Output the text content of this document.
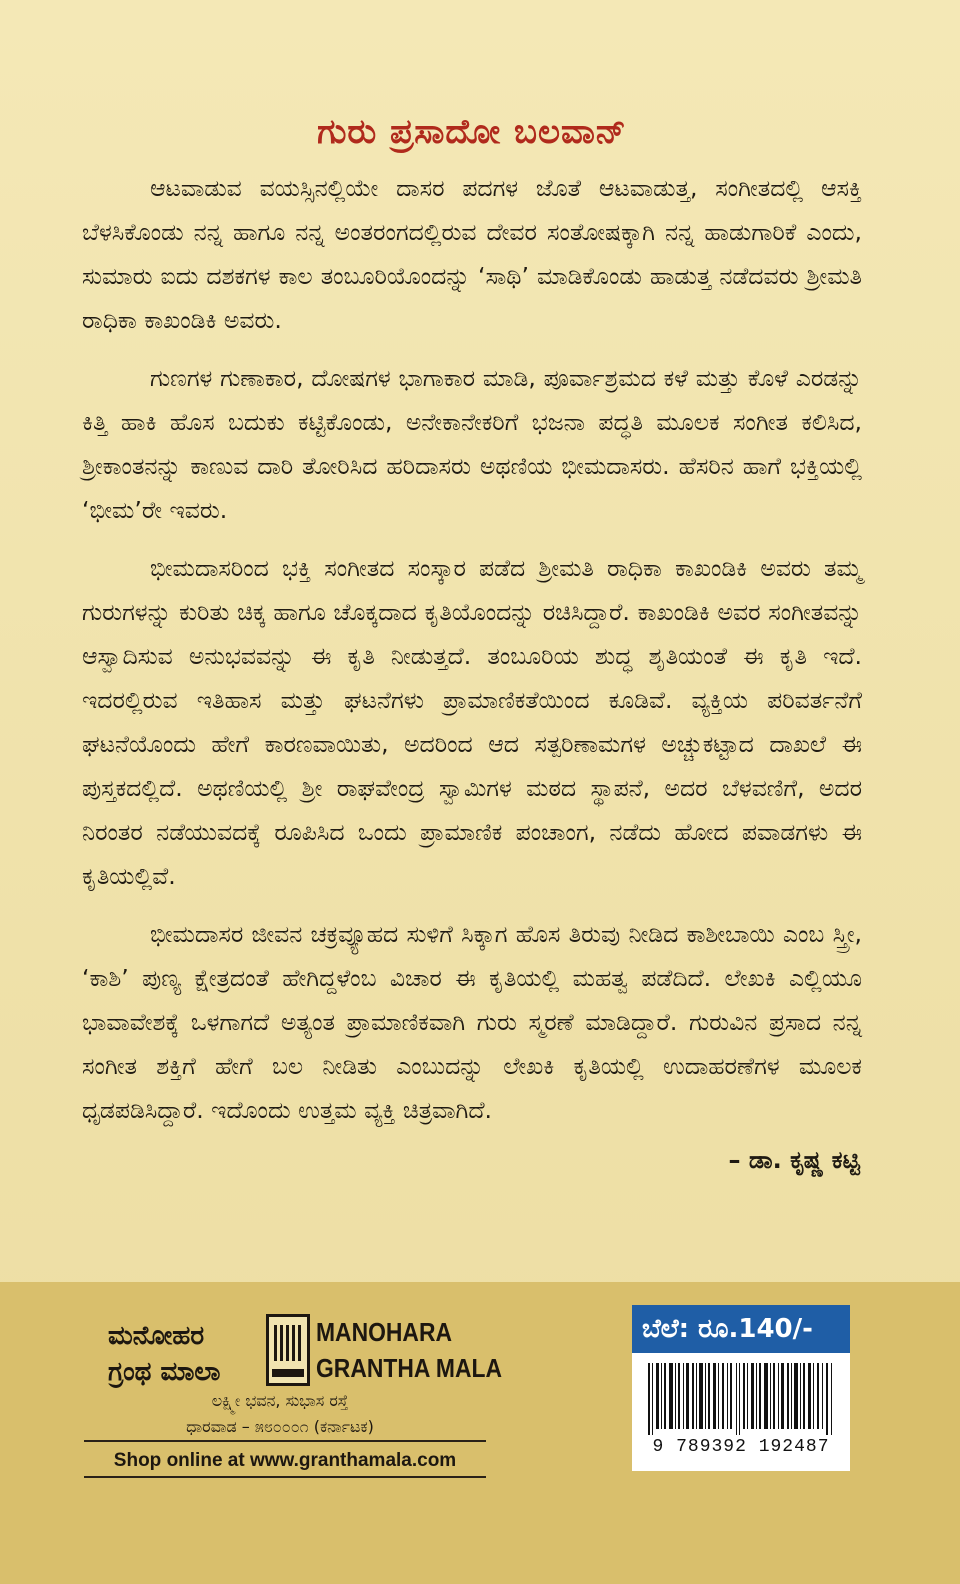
ಗುರು ಪ್ರಸಾದೋ ಬಲವಾನ್

ಆಟವಾಡುವ ವಯಸ್ಸಿನಲ್ಲಿಯೇ ದಾಸರ ಪದಗಳ ಜೊತೆ ಆಟವಾಡುತ್ತ, ಸಂಗೀತದಲ್ಲಿ ಆಸಕ್ತಿ ಬೆಳಸಿಕೊಂಡು ನನ್ನ ಹಾಗೂ ನನ್ನ ಅಂತರಂಗದಲ್ಲಿರುವ ದೇವರ ಸಂತೋಷಕ್ಕಾಗಿ ನನ್ನ ಹಾಡುಗಾರಿಕೆ ಎಂದು, ಸುಮಾರು ಐದು ದಶಕಗಳ ಕಾಲ ತಂಬೂರಿಯೊಂದನ್ನು ‘ಸಾಥಿ’ ಮಾಡಿಕೊಂಡು ಹಾಡುತ್ತ ನಡೆದವರು ಶ್ರೀಮತಿ ರಾಧಿಕಾ ಕಾಖಂಡಿಕಿ ಅವರು.

ಗುಣಗಳ ಗುಣಾಕಾರ, ದೋಷಗಳ ಭಾಗಾಕಾರ ಮಾಡಿ, ಪೂರ್ವಾಶ್ರಮದ ಕಳೆ ಮತ್ತು ಕೊಳೆ ಎರಡನ್ನು ಕಿತ್ತಿ ಹಾಕಿ ಹೊಸ ಬದುಕು ಕಟ್ಟಿಕೊಂಡು, ಅನೇಕಾನೇಕರಿಗೆ ಭಜನಾ ಪದ್ಧತಿ ಮೂಲಕ ಸಂಗೀತ ಕಲಿಸಿದ, ಶ್ರೀಕಾಂತನನ್ನು ಕಾಣುವ ದಾರಿ ತೋರಿಸಿದ ಹರಿದಾಸರು ಅಥಣಿಯ ಭೀಮದಾಸರು. ಹೆಸರಿನ ಹಾಗೆ ಭಕ್ತಿಯಲ್ಲಿ ‘ಭೀಮ’ರೇ ಇವರು.

ಭೀಮದಾಸರಿಂದ ಭಕ್ತಿ ಸಂಗೀತದ ಸಂಸ್ಕಾರ ಪಡೆದ ಶ್ರೀಮತಿ ರಾಧಿಕಾ ಕಾಖಂಡಿಕಿ ಅವರು ತಮ್ಮ ಗುರುಗಳನ್ನು ಕುರಿತು ಚಿಕ್ಕ ಹಾಗೂ ಚೊಕ್ಕದಾದ ಕೃತಿಯೊಂದನ್ನು ರಚಿಸಿದ್ದಾರೆ. ಕಾಖಂಡಿಕಿ ಅವರ ಸಂಗೀತವನ್ನು ಆಸ್ವಾದಿಸುವ ಅನುಭವವನ್ನು ಈ ಕೃತಿ ನೀಡುತ್ತದೆ. ತಂಬೂರಿಯ ಶುದ್ಧ ಶೃತಿಯಂತೆ ಈ ಕೃತಿ ಇದೆ. ಇದರಲ್ಲಿರುವ ಇತಿಹಾಸ ಮತ್ತು ಘಟನೆಗಳು ಪ್ರಾಮಾಣಿಕತೆಯಿಂದ ಕೂಡಿವೆ. ವ್ಯಕ್ತಿಯ ಪರಿವರ್ತನೆಗೆ ಘಟನೆಯೊಂದು ಹೇಗೆ ಕಾರಣವಾಯಿತು, ಅದರಿಂದ ಆದ ಸತ್ಪರಿಣಾಮಗಳ ಅಚ್ಚುಕಟ್ಟಾದ ದಾಖಲೆ ಈ ಪುಸ್ತಕದಲ್ಲಿದೆ. ಅಥಣಿಯಲ್ಲಿ ಶ್ರೀ ರಾಘವೇಂದ್ರ ಸ್ವಾಮಿಗಳ ಮಠದ ಸ್ಥಾಪನೆ, ಅದರ ಬೆಳವಣಿಗೆ, ಅದರ ನಿರಂತರ ನಡೆಯುವದಕ್ಕೆ ರೂಪಿಸಿದ ಒಂದು ಪ್ರಾಮಾಣಿಕ ಪಂಚಾಂಗ, ನಡೆದು ಹೋದ ಪವಾಡಗಳು ಈ ಕೃತಿಯಲ್ಲಿವೆ.

ಭೀಮದಾಸರ ಜೀವನ ಚಕ್ರವ್ಯೂಹದ ಸುಳಿಗೆ ಸಿಕ್ಕಾಗ ಹೊಸ ತಿರುವು ನೀಡಿದ ಕಾಶೀಬಾಯಿ ಎಂಬ ಸ್ತ್ರೀ, ‘ಕಾಶಿ’ ಪುಣ್ಯ ಕ್ಷೇತ್ರದಂತೆ ಹೇಗಿದ್ದಳೆಂಬ ವಿಚಾರ ಈ ಕೃತಿಯಲ್ಲಿ ಮಹತ್ವ ಪಡೆದಿದೆ. ಲೇಖಕಿ ಎಲ್ಲಿಯೂ ಭಾವಾವೇಶಕ್ಕೆ ಒಳಗಾಗದೆ ಅತ್ಯಂತ ಪ್ರಾಮಾಣಿಕವಾಗಿ ಗುರು ಸ್ಮರಣೆ ಮಾಡಿದ್ದಾರೆ. ಗುರುವಿನ ಪ್ರಸಾದ ನನ್ನ ಸಂಗೀತ ಶಕ್ತಿಗೆ ಹೇಗೆ ಬಲ ನೀಡಿತು ಎಂಬುದನ್ನು ಲೇಖಕಿ ಕೃತಿಯಲ್ಲಿ ಉದಾಹರಣೆಗಳ ಮೂಲಕ ಧೃಡಪಡಿಸಿದ್ದಾರೆ. ಇದೊಂದು ಉತ್ತಮ ವ್ಯಕ್ತಿ ಚಿತ್ರವಾಗಿದೆ.

– ಡಾ. ಕೃಷ್ಣ ಕಟ್ಟಿ
ಮನೋಹರ
ಗ್ರಂಥ ಮಾಲಾ
MANOHARA
GRANTHA MALA
ಲಕ್ಷ್ಮೀ ಭವನ, ಸುಭಾಸ ರಸ್ತೆ
ಧಾರವಾಡ – ೫೮೦೦೦೧ (ಕರ್ನಾಟಕ)
Shop online at www.granthamala.com
ಬೆಲೆ: ರೂ.140/-
9 789392 192487
